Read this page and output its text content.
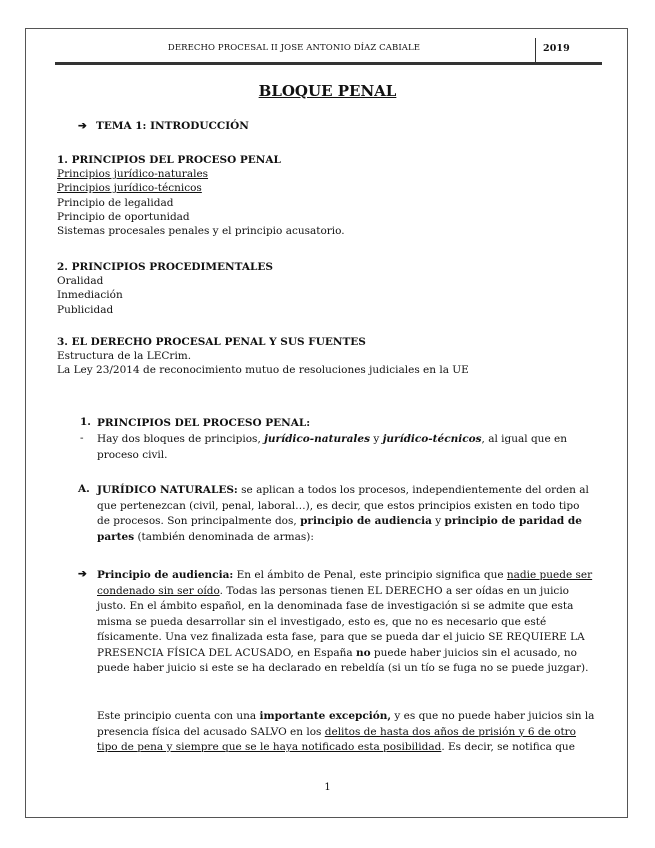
DERECHO PROCESAL II JOSE ANTONIO DÍAZ CABIALE	2019
BLOQUE PENAL
➔ TEMA 1: INTRODUCCIÓN
1. PRINCIPIOS DEL PROCESO PENAL
Principios jurídico-naturales
Principios jurídico-técnicos
Principio de legalidad
Principio de oportunidad
Sistemas procesales penales y el principio acusatorio.
2. PRINCIPIOS PROCEDIMENTALES
Oralidad
Inmediación
Publicidad
3. EL DERECHO PROCESAL PENAL Y SUS FUENTES
Estructura de la LECrim.
La Ley 23/2014 de reconocimiento mutuo de resoluciones judiciales en la UE
1. PRINCIPIOS DEL PROCESO PENAL:
- Hay dos bloques de principios, jurídico-naturales y jurídico-técnicos, al igual que en proceso civil.
A. JURÍDICO NATURALES: se aplican a todos los procesos, independientemente del orden al que pertenezcan (civil, penal, laboral…), es decir, que estos principios existen en todo tipo de procesos. Son principalmente dos, principio de audiencia y principio de paridad de partes (también denominada de armas):
➔ Principio de audiencia: En el ámbito de Penal, este principio significa que nadie puede ser condenado sin ser oído. Todas las personas tienen EL DERECHO a ser oídas en un juicio justo. En el ámbito español, en la denominada fase de investigación si se admite que esta misma se pueda desarrollar sin el investigado, esto es, que no es necesario que esté físicamente. Una vez finalizada esta fase, para que se pueda dar el juicio SE REQUIERE LA PRESENCIA FÍSICA DEL ACUSADO, en España no puede haber juicios sin el acusado, no puede haber juicio si este se ha declarado en rebeldía (si un tío se fuga no se puede juzgar).
Este principio cuenta con una importante excepción, y es que no puede haber juicios sin la presencia física del acusado SALVO en los delitos de hasta dos años de prisión y 6 de otro tipo de pena y siempre que se le haya notificado esta posibilidad. Es decir, se notifica que
1
